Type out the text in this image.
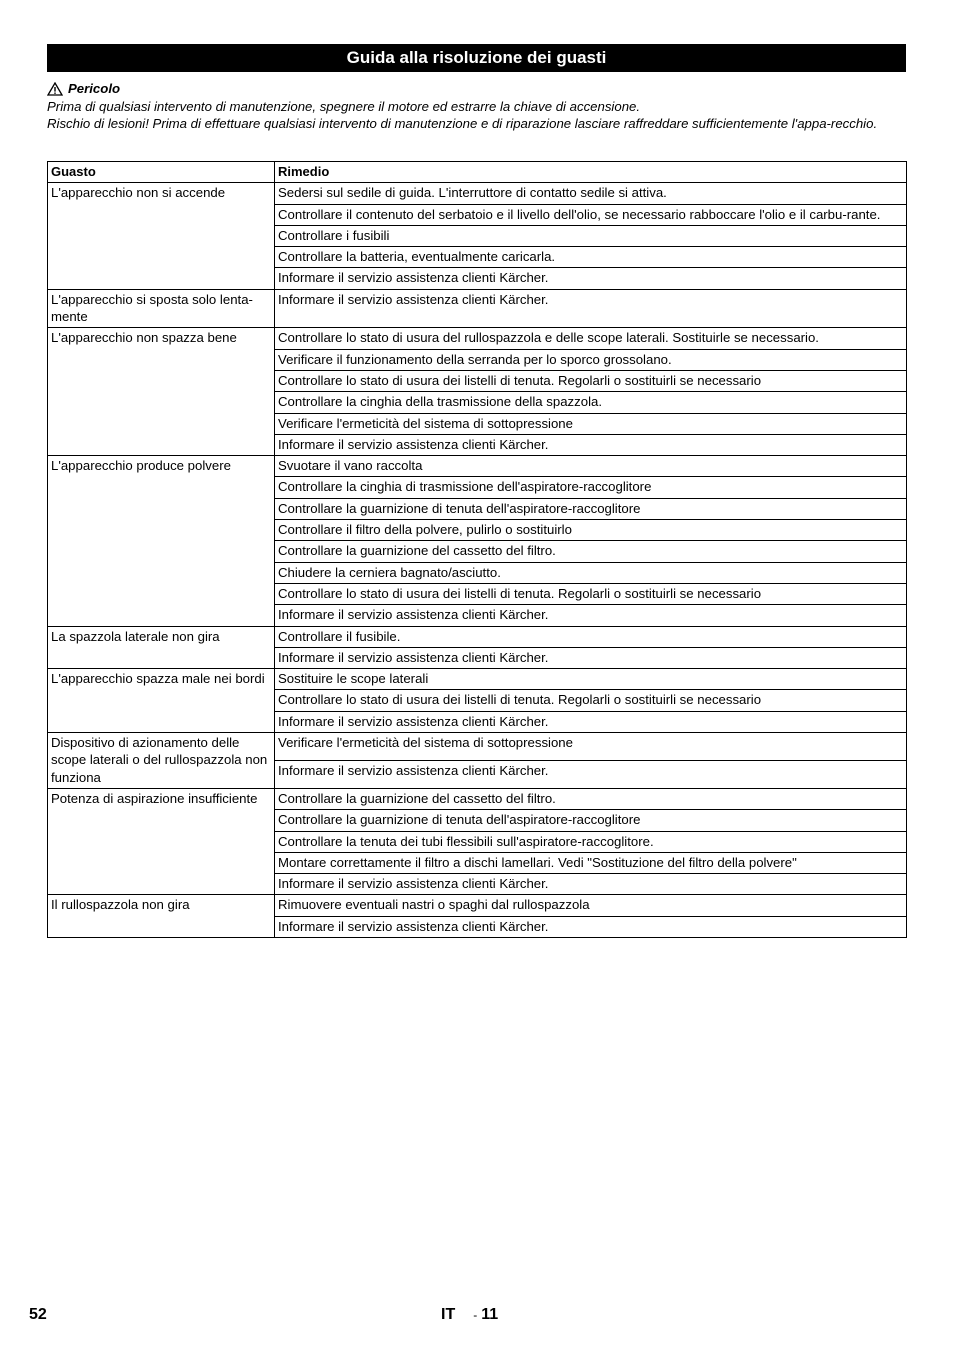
Guida alla risoluzione dei guasti
Pericolo

Prima di qualsiasi intervento di manutenzione, spegnere il motore ed estrarre la chiave di accensione.

Rischio di lesioni! Prima di effettuare qualsiasi intervento di manutenzione e di riparazione lasciare raffreddare sufficientemente l'appa-recchio.

Guasto	Rimedio
L'apparecchio non si accende	Sedersi sul sedile di guida. L'interruttore di contatto sedile si attiva.
	Controllare il contenuto del serbatoio e il livello dell'olio, se necessario rabboccare l'olio e il carbu-rante.
	Controllare i fusibili
	Controllare la batteria, eventualmente caricarla.
	Informare il servizio assistenza clienti Kärcher.
L'apparecchio si sposta solo lenta-mente	Informare il servizio assistenza clienti Kärcher.
L'apparecchio non spazza bene	Controllare lo stato di usura del rullospazzola e delle scope laterali. Sostituirle se necessario.
	Verificare il funzionamento della serranda per lo sporco grossolano.
	Controllare lo stato di usura dei listelli di tenuta. Regolarli o sostituirli se necessario
	Controllare la cinghia della trasmissione della spazzola.
	Verificare l'ermeticità del sistema di sottopressione
	Informare il servizio assistenza clienti Kärcher.
L'apparecchio produce polvere	Svuotare il vano raccolta
	Controllare la cinghia di trasmissione dell'aspiratore-raccoglitore
	Controllare la guarnizione di tenuta dell'aspiratore-raccoglitore
	Controllare il filtro della polvere, pulirlo o sostituirlo
	Controllare la guarnizione del cassetto del filtro.
	Chiudere la cerniera bagnato/asciutto.
	Controllare lo stato di usura dei listelli di tenuta. Regolarli o sostituirli se necessario
	Informare il servizio assistenza clienti Kärcher.
La spazzola laterale non gira	Controllare il fusibile.
	Informare il servizio assistenza clienti Kärcher.
L'apparecchio spazza male nei bordi	Sostituire le scope laterali
	Controllare lo stato di usura dei listelli di tenuta. Regolarli o sostituirli se necessario
	Informare il servizio assistenza clienti Kärcher.
Dispositivo di azionamento delle scope laterali o del rullospazzola non funziona	Verificare l'ermeticità del sistema di sottopressione
	Informare il servizio assistenza clienti Kärcher.
Potenza di aspirazione insufficiente	Controllare la guarnizione del cassetto del filtro.
	Controllare la guarnizione di tenuta dell'aspiratore-raccoglitore
	Controllare la tenuta dei tubi flessibili sull'aspiratore-raccoglitore.
	Montare correttamente il filtro a dischi lamellari. Vedi "Sostituzione del filtro della polvere"
	Informare il servizio assistenza clienti Kärcher.
Il rullospazzola non gira	Rimuovere eventuali nastri o spaghi dal rullospazzola
	Informare il servizio assistenza clienti Kärcher.
52	IT - 11
